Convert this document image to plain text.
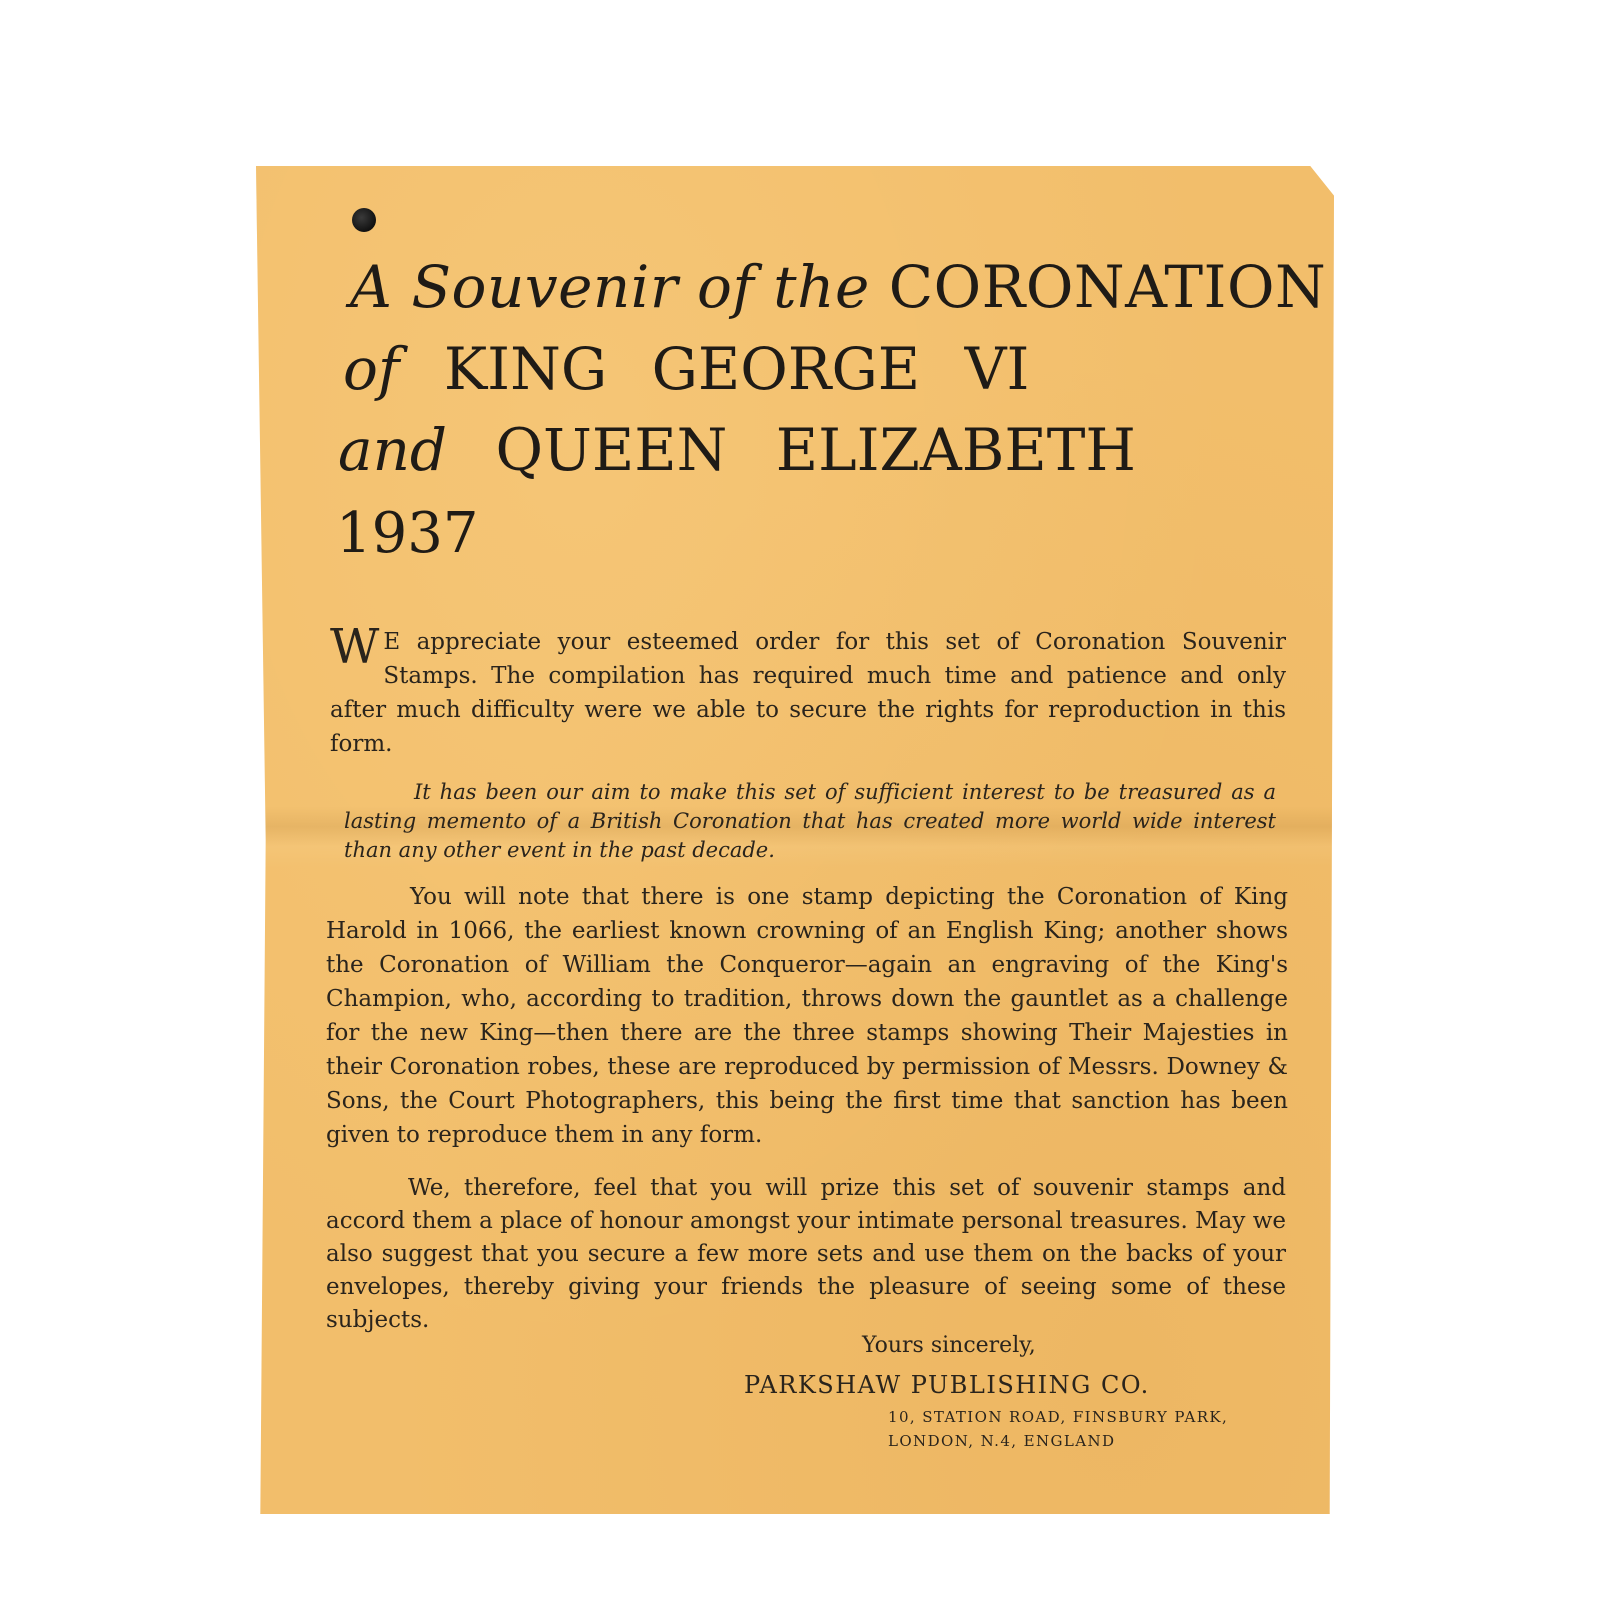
A Souvenir of the CORONATION
of KING GEORGE VI
and QUEEN ELIZABETH
1937
W E appreciate your esteemed order for this set of Coronation Souvenir Stamps. The compilation has required much time and patience and only after much difficulty were we able to secure the rights for reproduction in this form.
It has been our aim to make this set of sufficient interest to be treasured as a lasting memento of a British Coronation that has created more world wide interest than any other event in the past decade.
You will note that there is one stamp depicting the Coronation of King Harold in 1066, the earliest known crowning of an English King; another shows the Coronation of William the Conqueror—again an engraving of the King's Champion, who, according to tradition, throws down the gauntlet as a challenge for the new King—then there are the three stamps showing Their Majesties in their Coronation robes, these are reproduced by permission of Messrs. Downey & Sons, the Court Photographers, this being the first time that sanction has been given to reproduce them in any form.
We, therefore, feel that you will prize this set of souvenir stamps and accord them a place of honour amongst your intimate personal treasures. May we also suggest that you secure a few more sets and use them on the backs of your envelopes, thereby giving your friends the pleasure of seeing some of these subjects.
Yours sincerely,
PARKSHAW PUBLISHING CO.
10, STATION ROAD, FINSBURY PARK,
LONDON, N.4, ENGLAND
